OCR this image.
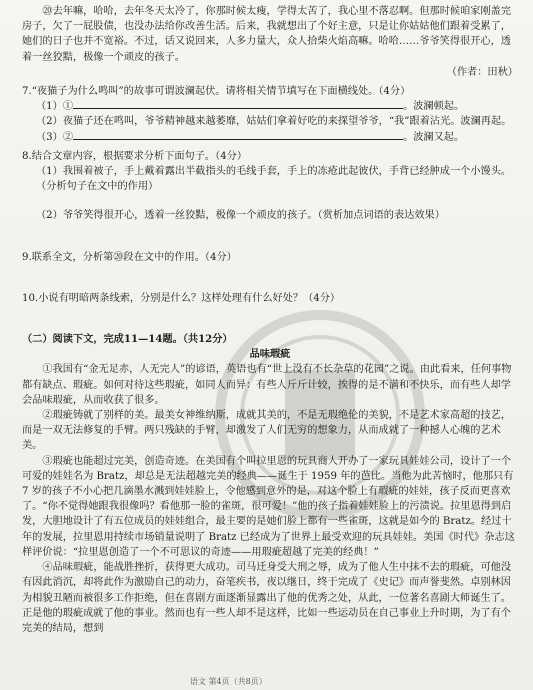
⑳去年嘛，哈哈，去年冬天太冷了，你那时候太瘦，学得太苦了，我心里不落忍啊。但那时候咱家刚盖完房子，欠了一屁股债，也没办法给你改善生活。后来，我就想出了个好主意，只是让你姑姑他们跟着受累了，她们的日子也并不宽裕。不过，话又说回来，人多力量大，众人拾柴火焰高嘛。哈哈……爷爷笑得很开心，透着一丝狡黠，极像一个顽皮的孩子。

（作者：田秋）

7.“夜猫子为什么鸣叫”的故事可谓波澜起伏。请将相关情节填写在下面横线处。（4分）

（1）①	。波澜顿起。

（2）夜猫子还在鸣叫，爷爷精神越来越萎靡，姑姑们拿着好吃的来探望爷爷，“我”跟着沾光。波澜再起。

（3）②	。波澜又起。

8.结合文章内容，根据要求分析下面句子。（4分）

（1）我围着被子，手上戴着露出半截指头的毛线手套，手上的冻疮此起彼伏，手背已经肿成一个小馒头。（分析句子在文中的作用）

（2）爷爷笑得很开心，透着一丝狡黠，极像一个顽皮的孩子。（赏析加点词语的表达效果）

9.联系全文，分析第⑳段在文中的作用。（4分）

10.小说有明暗两条线索，分别是什么？这样处理有什么好处？（4分）

（二）阅读下文，完成11—14题。（共12分）

品味瑕疵

①我国有“金无足赤，人无完人”的谚语，英语也有“世上没有不长杂草的花园”之说。由此看来，任何事物都有缺点、瑕疵。如何对待这些瑕疵，如同人而异：有些人斤斤计较，挨得的是不满和不快乐，而有些人却学会品味瑕疵，从而收获了很多。

②瑕疵铸就了别样的美。最美女神维纳斯，成就其美的，不是无瑕绝伦的美貌，不是艺术家高超的技艺，而是一双无法修复的手臂。两只残缺的手臂，却激发了人们无穷的想象力，从而成就了一种撼人心魄的艺术美。

③瑕疵也能超过完美，创造奇迹。在美国有个叫拉里恩的玩具商人开办了一家玩具娃娃公司，设计了一个可爱的娃娃名为 Bratz，却总是无法超越完美的经典——诞生于 1959 年的芭比。当他为此苦恼时，他那只有 7 岁的孩子不小心把几滴墨水溅到娃娃脸上，令他感到意外的是，对这个脸上有瑕疵的娃娃，孩子反而更喜欢了。“你不觉得她跟我很像吗？看他那一脸的雀斑，很可爱！”他的孩子指着娃娃脸上的污渍说。拉里恩得到启发，大胆地设计了有五位成员的娃娃组合，最主要的是她们脸上都有一些雀斑，这就是如今的 Bratz。经过十年的发展，拉里恩用持续市场销量说明了 Bratz 已经成为了世界上最受欢迎的玩具娃娃。美国《时代》杂志这样评价说：“拉里恩创造了一个不可思议的奇迹——用瑕疵超越了完美的经典！”

④品味瑕疵，能战胜挫折，获得更大成功。司马迁身受大刑之辱，成为了他人生中抹不去的瑕疵，可他没有因此消沉，却将此作为激励自己的动力，奋笔疾书，夜以继日，终于完成了《史记》而声誉斐然。卓别林因为相貌丑陋而被很多工作拒绝，但在喜剧方面逐渐显露出了他的优秀之处，从此，一位著名喜剧大师诞生了。正是他的瑕疵成就了他的事业。然而也有一些人却不是这样，比如一些运动员在自己事业上升时期，为了有个完美的结局，想到

语文 第4页（共8页）
